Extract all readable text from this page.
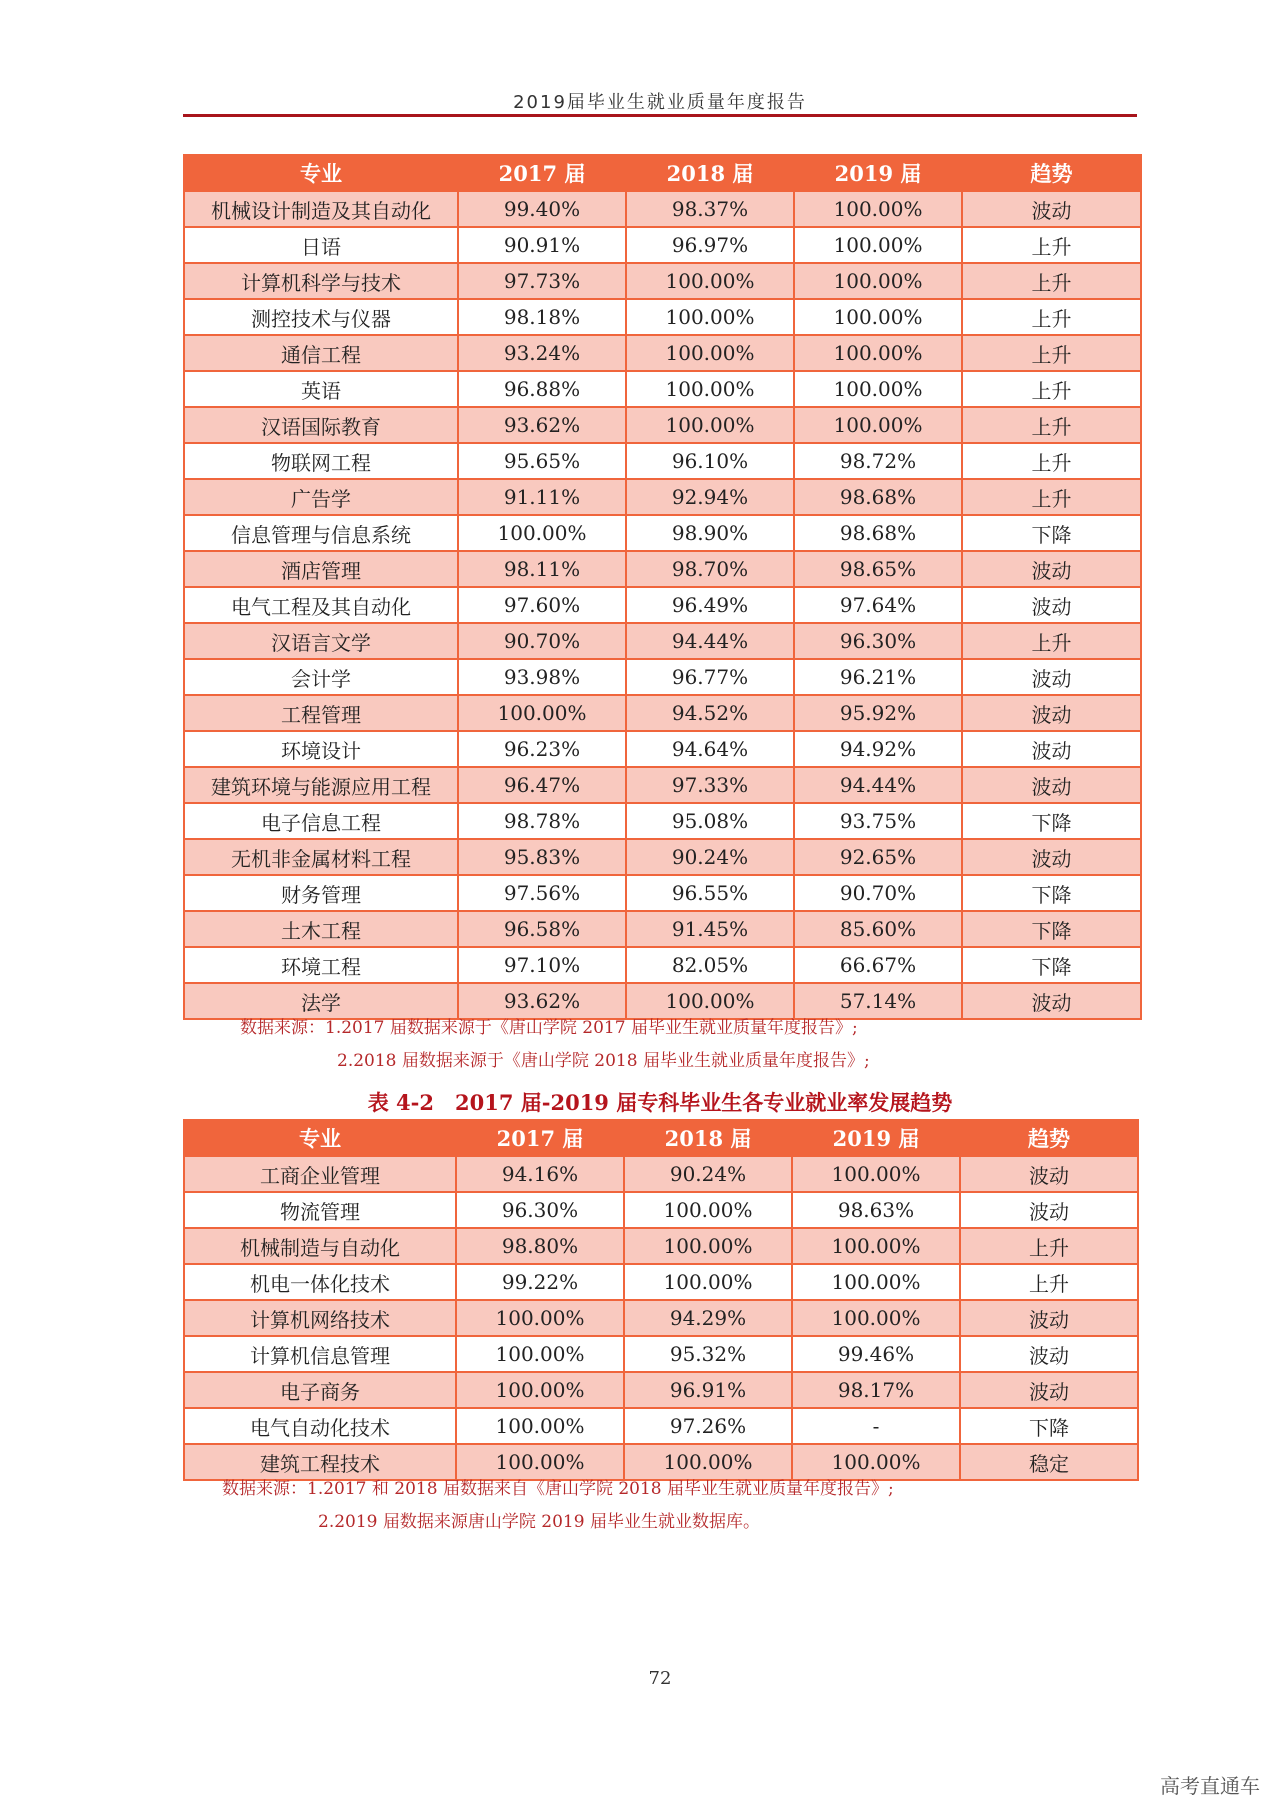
2019届毕业生就业质量年度报告
专业	2017 届	2018 届	2019 届	趋势
机械设计制造及其自动化	99.40%	98.37%	100.00%	波动
日语	90.91%	96.97%	100.00%	上升
计算机科学与技术	97.73%	100.00%	100.00%	上升
测控技术与仪器	98.18%	100.00%	100.00%	上升
通信工程	93.24%	100.00%	100.00%	上升
英语	96.88%	100.00%	100.00%	上升
汉语国际教育	93.62%	100.00%	100.00%	上升
物联网工程	95.65%	96.10%	98.72%	上升
广告学	91.11%	92.94%	98.68%	上升
信息管理与信息系统	100.00%	98.90%	98.68%	下降
酒店管理	98.11%	98.70%	98.65%	波动
电气工程及其自动化	97.60%	96.49%	97.64%	波动
汉语言文学	90.70%	94.44%	96.30%	上升
会计学	93.98%	96.77%	96.21%	波动
工程管理	100.00%	94.52%	95.92%	波动
环境设计	96.23%	94.64%	94.92%	波动
建筑环境与能源应用工程	96.47%	97.33%	94.44%	波动
电子信息工程	98.78%	95.08%	93.75%	下降
无机非金属材料工程	95.83%	90.24%	92.65%	波动
财务管理	97.56%	96.55%	90.70%	下降
土木工程	96.58%	91.45%	85.60%	下降
环境工程	97.10%	82.05%	66.67%	下降
法学	93.62%	100.00%	57.14%	波动
数据来源：1.2017 届数据来源于《唐山学院 2017 届毕业生就业质量年度报告》;
2.2018 届数据来源于《唐山学院 2018 届毕业生就业质量年度报告》;
表 4-2　2017 届-2019 届专科毕业生各专业就业率发展趋势
专业	2017 届	2018 届	2019 届	趋势
工商企业管理	94.16%	90.24%	100.00%	波动
物流管理	96.30%	100.00%	98.63%	波动
机械制造与自动化	98.80%	100.00%	100.00%	上升
机电一体化技术	99.22%	100.00%	100.00%	上升
计算机网络技术	100.00%	94.29%	100.00%	波动
计算机信息管理	100.00%	95.32%	99.46%	波动
电子商务	100.00%	96.91%	98.17%	波动
电气自动化技术	100.00%	97.26%	-	下降
建筑工程技术	100.00%	100.00%	100.00%	稳定
数据来源：1.2017 和 2018 届数据来自《唐山学院 2018 届毕业生就业质量年度报告》;
2.2019 届数据来源唐山学院 2019 届毕业生就业数据库。
72
高考直通车
